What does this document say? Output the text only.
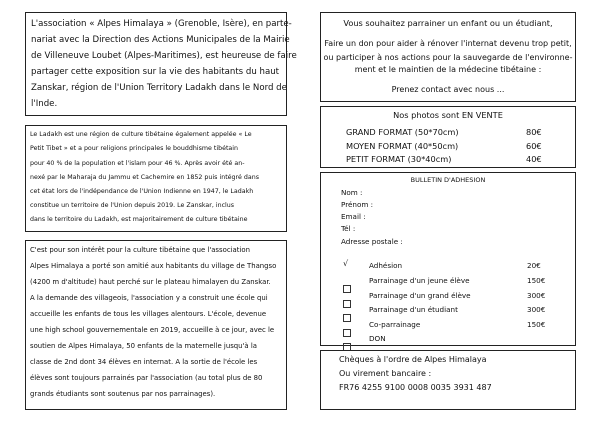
L'association « Alpes Himalaya » (Grenoble, Isère), en parte-
nariat avec la Direction des Actions Municipales de la Mairie
de Villeneuve Loubet (Alpes-Maritimes), est heureuse de faire
partager cette exposition sur la vie des habitants du haut
Zanskar, région de l'Union Territory Ladakh dans le Nord de
l'Inde.
Le Ladakh est une région de culture tibétaine également appelée « Le
Petit Tibet » et a pour religions principales le bouddhisme tibétain
pour 40 % de la population et l'islam pour 46 %. Après avoir été an-
nexé par le Maharaja du Jammu et Cachemire en 1852 puis intégré dans
cet état lors de l'indépendance de l'Union Indienne en 1947, le Ladakh
constitue un territoire de l'Union depuis 2019. Le Zanskar, inclus
dans le territoire du Ladakh, est majoritairement de culture tibétaine
C'est pour son intérêt pour la culture tibétaine que l'association
Alpes Himalaya a porté son amitié aux habitants du village de Thangso
(4200 m d'altitude) haut perché sur le plateau himalayen du Zanskar.
A la demande des villageois, l'association y a construit une école qui
accueille les enfants de tous les villages alentours. L'école, devenue
une high school gouvernementale en 2019, accueille à ce jour, avec le
soutien de Alpes Himalaya, 50 enfants de la maternelle jusqu'à la
classe de 2nd dont 34 élèves en internat. A la sortie de l'école les
élèves sont toujours parrainés par l'association (au total plus de 80
grands étudiants sont soutenus par nos parrainages).
Vous souhaitez parrainer un enfant ou un étudiant,
Faire un don pour aider à rénover l'internat devenu trop petit,
ou participer à nos actions pour la sauvegarde de l'environne-
ment et le maintien de la médecine tibétaine :
Prenez contact avec nous ...
Nos photos sont EN VENTE
GRAND FORMAT (50*70cm)	80€
MOYEN FORMAT (40*50cm)	60€
PETIT FORMAT (30*40cm)	40€
BULLETIN D'ADHESION
Nom :
Prénom :
Email :
Tél :
Adresse postale :
√	Adhésion	20€
Parrainage d'un jeune élève	150€
Parrainage d'un grand élève	300€
Parrainage d'un étudiant	300€
Co-parrainage	150€
DON
Chèques à l'ordre de Alpes Himalaya
Ou virement bancaire :
FR76 4255 9100 0008 0035 3931 487
